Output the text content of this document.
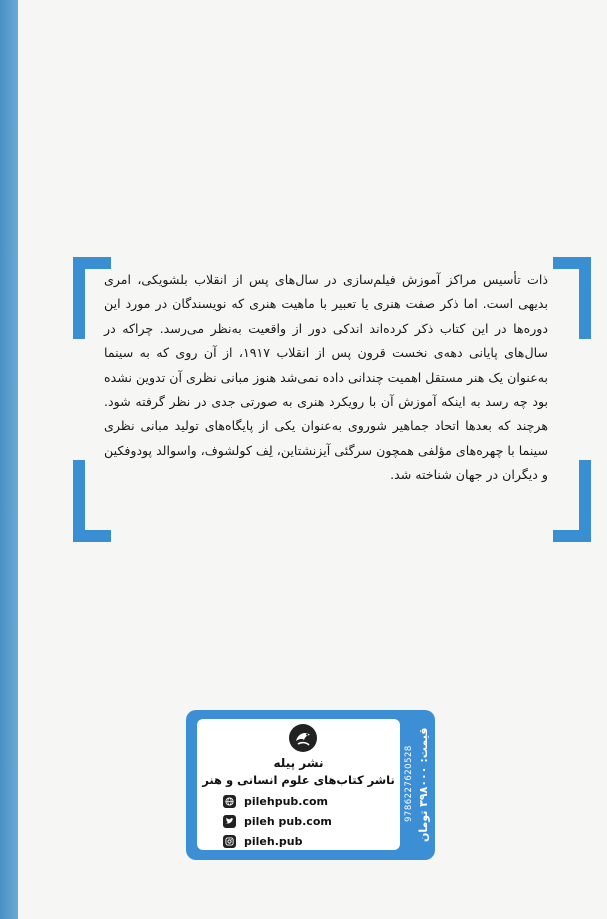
ذات تأسیس مراکز آموزش فیلم‌سازی در سال‌های پس از انقلاب بلشویکی، امری بدیهی است. اما ذکر صفت هنری یا تعبیر با ماهیت هنری که نویسندگان در مورد این دوره‌ها در این کتاب ذکر کرده‌اند اندکی دور از واقعیت به‌نظر می‌رسد. چراکه در سال‌های پایانی دهه‌ی نخست قرون پس از انقلاب ۱۹۱۷، از آن روی که به سینما به‌عنوان یک هنر مستقل اهمیت چندانی داده نمی‌شد هنوز مبانی نظری آن تدوین نشده بود چه رسد به اینکه آموزش آن با رویکرد هنری به صورتی جدی در نظر گرفته شود. هرچند که بعدها اتحاد جماهیر شوروی به‌عنوان یکی از پایگاه‌های تولید مبانی نظری سینما با چهره‌های مؤلفی همچون سرگئی آیزنشتاین، لِف کولشوف، واسوالد پودوفکین و دیگران در جهان شناخته شد.
نشر پیله
ناشر کتاب‌های علوم انسانی و هنر
pilehpub.com
pileh pub.com
pileh.pub
9786227620528
قیمت: ۳۹۸۰۰۰ تومان
